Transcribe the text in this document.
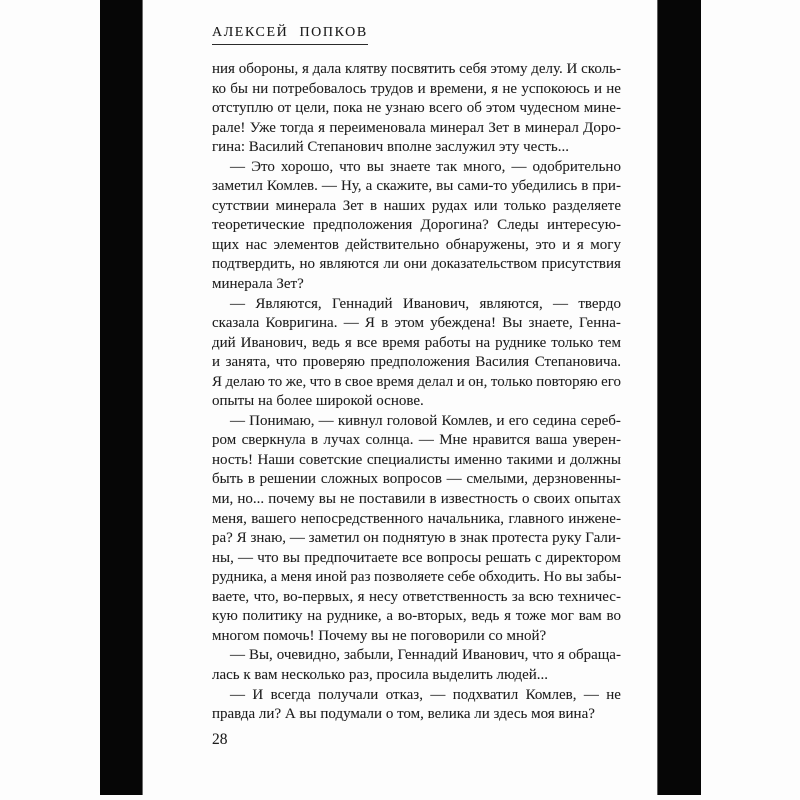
АЛЕКСЕЙ ПОПКОВ
ния обороны, я дала клятву посвятить себя этому делу. И сколь-
ко бы ни потребовалось трудов и времени, я не успокоюсь и не
отступлю от цели, пока не узнаю всего об этом чудесном мине-
рале! Уже тогда я переименовала минерал Зет в минерал Доро-
гина: Василий Степанович вполне заслужил эту честь...
— Это хорошо, что вы знаете так много, — одобрительно
заметил Комлев. — Ну, а скажите, вы сами-то убедились в при-
сутствии минерала Зет в наших рудах или только разделяете
теоретические предположения Дорогина? Следы интересую-
щих нас элементов действительно обнаружены, это и я могу
подтвердить, но являются ли они доказательством присутствия
минерала Зет?
— Являются, Геннадий Иванович, являются, — твердо
сказала Ковригина. — Я в этом убеждена! Вы знаете, Генна-
дий Иванович, ведь я все время работы на руднике только тем
и занята, что проверяю предположения Василия Степановича.
Я делаю то же, что в свое время делал и он, только повторяю его
опыты на более широкой основе.
— Понимаю, — кивнул головой Комлев, и его седина сереб-
ром сверкнула в лучах солнца. — Мне нравится ваша уверен-
ность! Наши советские специалисты именно такими и должны
быть в решении сложных вопросов — смелыми, дерзновенны-
ми, но... почему вы не поставили в известность о своих опытах
меня, вашего непосредственного начальника, главного инжене-
ра? Я знаю, — заметил он поднятую в знак протеста руку Гали-
ны, — что вы предпочитаете все вопросы решать с директором
рудника, а меня иной раз позволяете себе обходить. Но вы забы-
ваете, что, во-первых, я несу ответственность за всю техничес-
кую политику на руднике, а во-вторых, ведь я тоже мог вам во
многом помочь! Почему вы не поговорили со мной?
— Вы, очевидно, забыли, Геннадий Иванович, что я обраща-
лась к вам несколько раз, просила выделить людей...
— И всегда получали отказ, — подхватил Комлев, — не
правда ли? А вы подумали о том, велика ли здесь моя вина?
28
